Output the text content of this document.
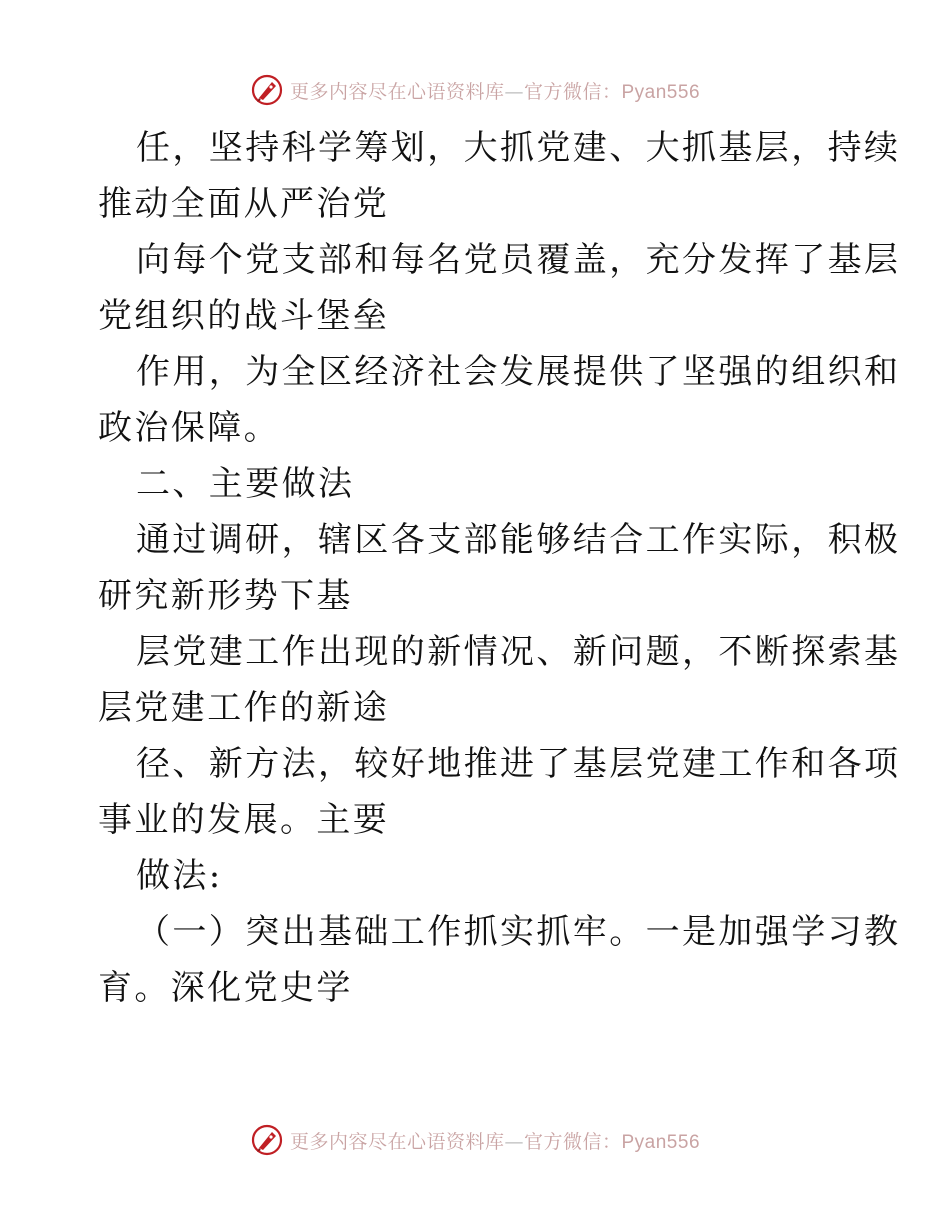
更多内容尽在心语资料库—官方微信：Pyan556
任，坚持科学筹划，大抓党建、大抓基层，持续
推动全面从严治党
向每个党支部和每名党员覆盖，充分发挥了基层
党组织的战斗堡垒
作用，为全区经济社会发展提供了坚强的组织和
政治保障。
二、主要做法
通过调研，辖区各支部能够结合工作实际，积极
研究新形势下基
层党建工作出现的新情况、新问题，不断探索基
层党建工作的新途
径、新方法，较好地推进了基层党建工作和各项
事业的发展。主要
做法:
（一）突出基础工作抓实抓牢。一是加强学习教
育。深化党史学
更多内容尽在心语资料库—官方微信：Pyan556
